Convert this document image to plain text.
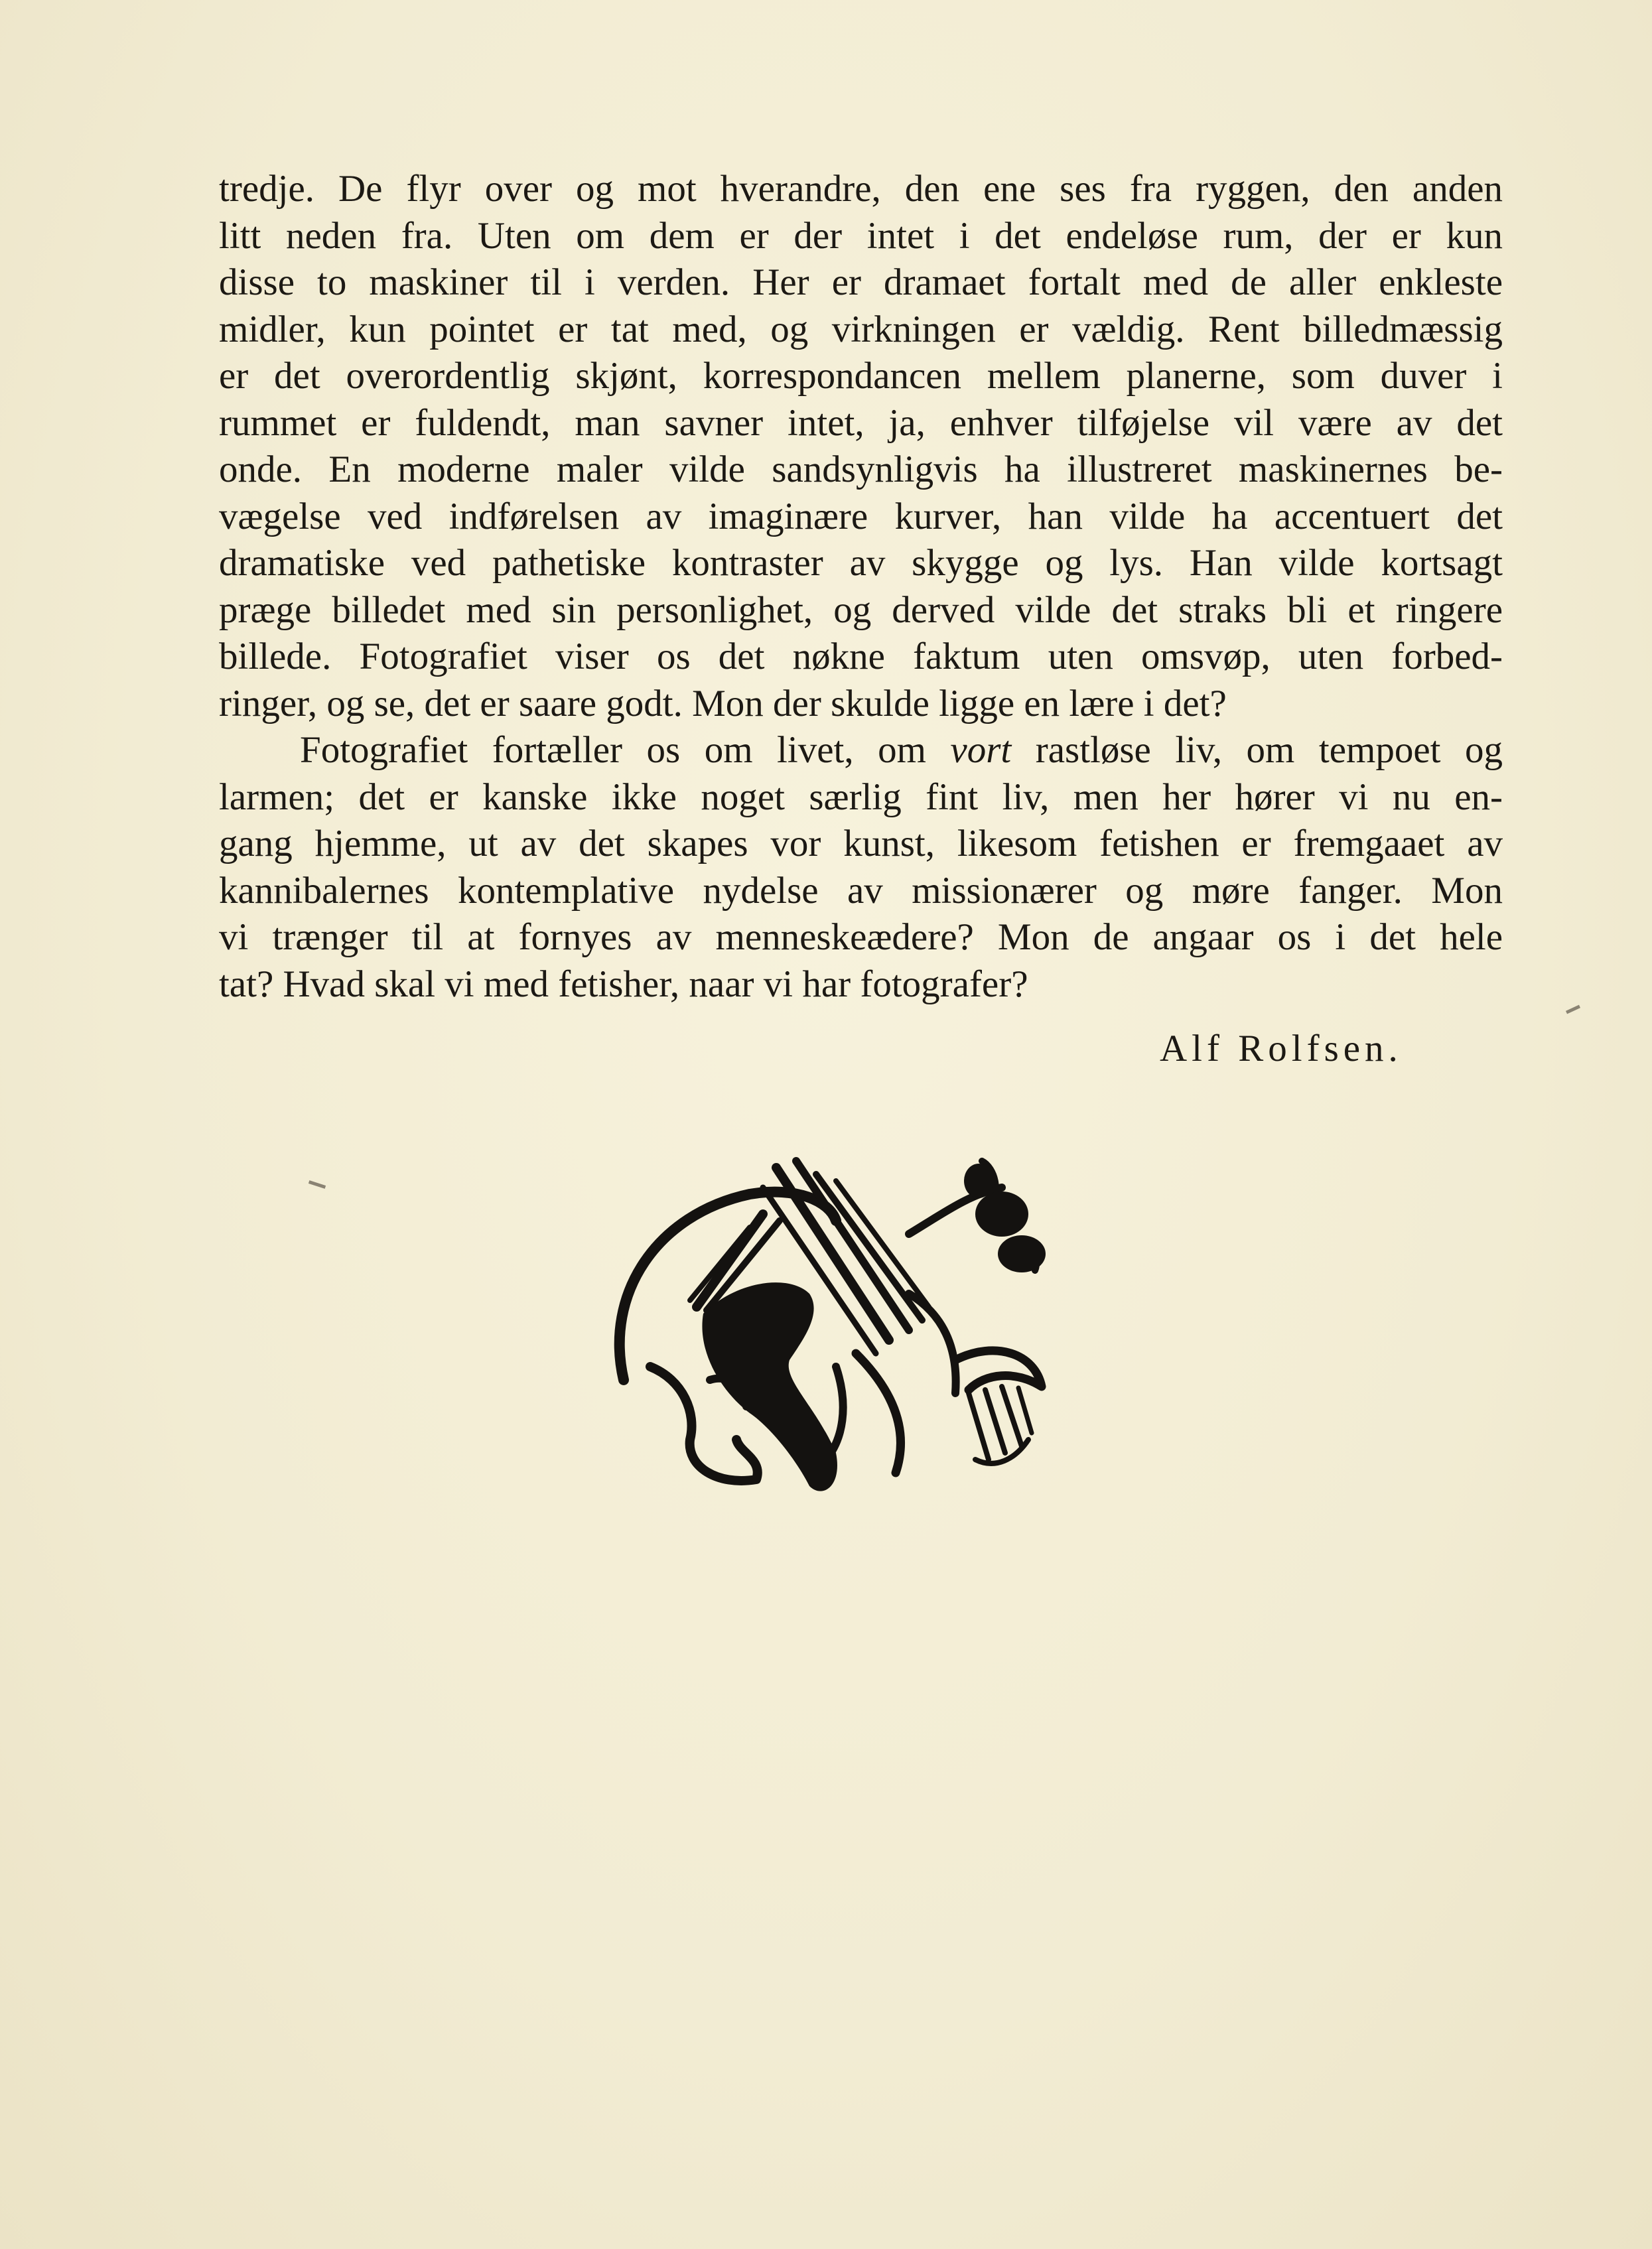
tredje. De flyr over og mot hverandre, den ene ses fra ryggen, den anden
litt neden fra. Uten om dem er der intet i det endeløse rum, der er kun
disse to maskiner til i verden. Her er dramaet fortalt med de aller enkleste
midler, kun pointet er tat med, og virkningen er vældig. Rent billedmæssig
er det overordentlig skjønt, korrespondancen mellem planerne, som duver i
rummet er fuldendt, man savner intet, ja, enhver tilføjelse vil være av det
onde. En moderne maler vilde sandsynligvis ha illustreret maskinernes be-
vægelse ved indførelsen av imaginære kurver, han vilde ha accentuert det
dramatiske ved pathetiske kontraster av skygge og lys. Han vilde kortsagt
præge billedet med sin personlighet, og derved vilde det straks bli et ringere
billede. Fotografiet viser os det nøkne faktum uten omsvøp, uten forbed-
ringer, og se, det er saare godt. Mon der skulde ligge en lære i det?
Fotografiet fortæller os om livet, om vort rastløse liv, om tempoet og
larmen; det er kanske ikke noget særlig fint liv, men her hører vi nu en-
gang hjemme, ut av det skapes vor kunst, likesom fetishen er fremgaaet av
kannibalernes kontemplative nydelse av missionærer og møre fanger. Mon
vi trænger til at fornyes av menneskeædere? Mon de angaar os i det hele
tat? Hvad skal vi med fetisher, naar vi har fotografer?
Alf Rolfsen.
